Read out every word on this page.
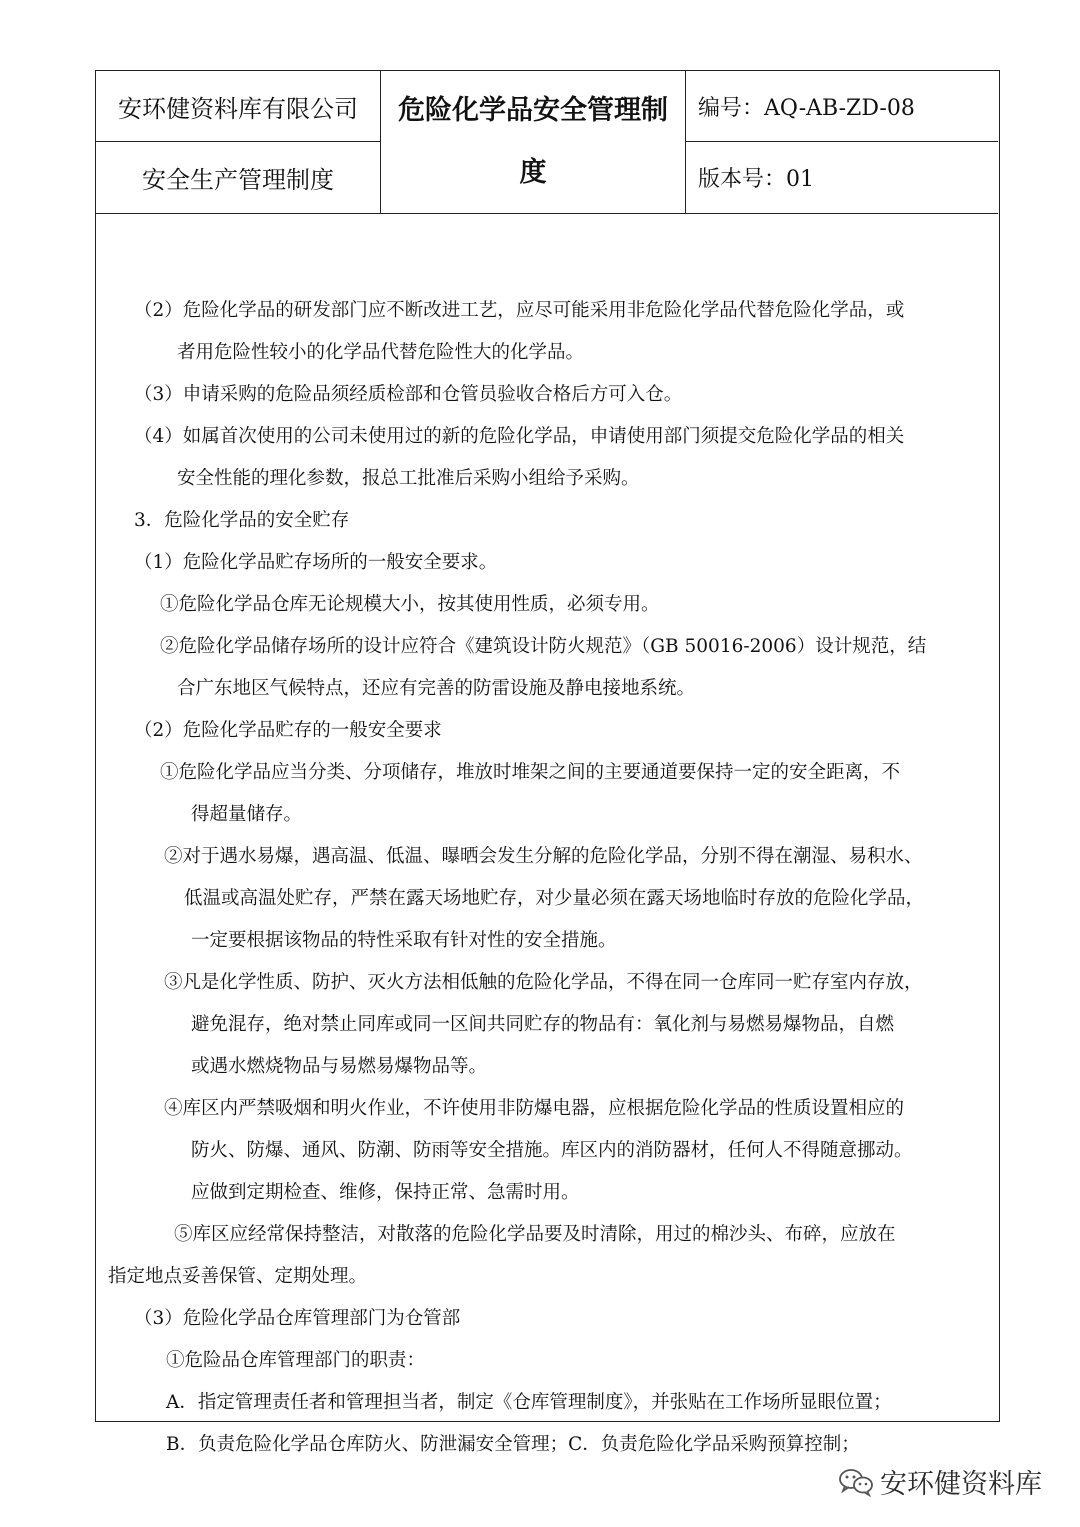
安环健资料库有限公司
安全生产管理制度
危险化学品安全管理制度
编号：AQ-AB-ZD-08
版本号：01
（2）危险化学品的研发部门应不断改进工艺，应尽可能采用非危险化学品代替危险化学品，或
者用危险性较小的化学品代替危险性大的化学品。
（3）申请采购的危险品须经质检部和仓管员验收合格后方可入仓。
（4）如属首次使用的公司未使用过的新的危险化学品，申请使用部门须提交危险化学品的相关
安全性能的理化参数，报总工批准后采购小组给予采购。
3．危险化学品的安全贮存
（1）危险化学品贮存场所的一般安全要求。
①危险化学品仓库无论规模大小，按其使用性质，必须专用。
②危险化学品储存场所的设计应符合《建筑设计防火规范》（GB 50016-2006）设计规范，结
合广东地区气候特点，还应有完善的防雷设施及静电接地系统。
（2）危险化学品贮存的一般安全要求
①危险化学品应当分类、分项储存，堆放时堆架之间的主要通道要保持一定的安全距离，不
得超量储存。
②对于遇水易爆，遇高温、低温、曝晒会发生分解的危险化学品，分别不得在潮湿、易积水、
低温或高温处贮存，严禁在露天场地贮存，对少量必须在露天场地临时存放的危险化学品，
一定要根据该物品的特性采取有针对性的安全措施。
③凡是化学性质、防护、灭火方法相低触的危险化学品，不得在同一仓库同一贮存室内存放，
避免混存，绝对禁止同库或同一区间共同贮存的物品有：氧化剂与易燃易爆物品，自燃
或遇水燃烧物品与易燃易爆物品等。
④库区内严禁吸烟和明火作业，不许使用非防爆电器，应根据危险化学品的性质设置相应的
防火、防爆、通风、防潮、防雨等安全措施。库区内的消防器材，任何人不得随意挪动。
应做到定期检查、维修，保持正常、急需时用。
⑤库区应经常保持整洁，对散落的危险化学品要及时清除，用过的棉沙头、布碎，应放在
指定地点妥善保管、定期处理。
（3）危险化学品仓库管理部门为仓管部
①危险品仓库管理部门的职责：
A．指定管理责任者和管理担当者，制定《仓库管理制度》，并张贴在工作场所显眼位置；
B．负责危险化学品仓库防火、防泄漏安全管理；C．负责危险化学品采购预算控制；
安环健资料库
